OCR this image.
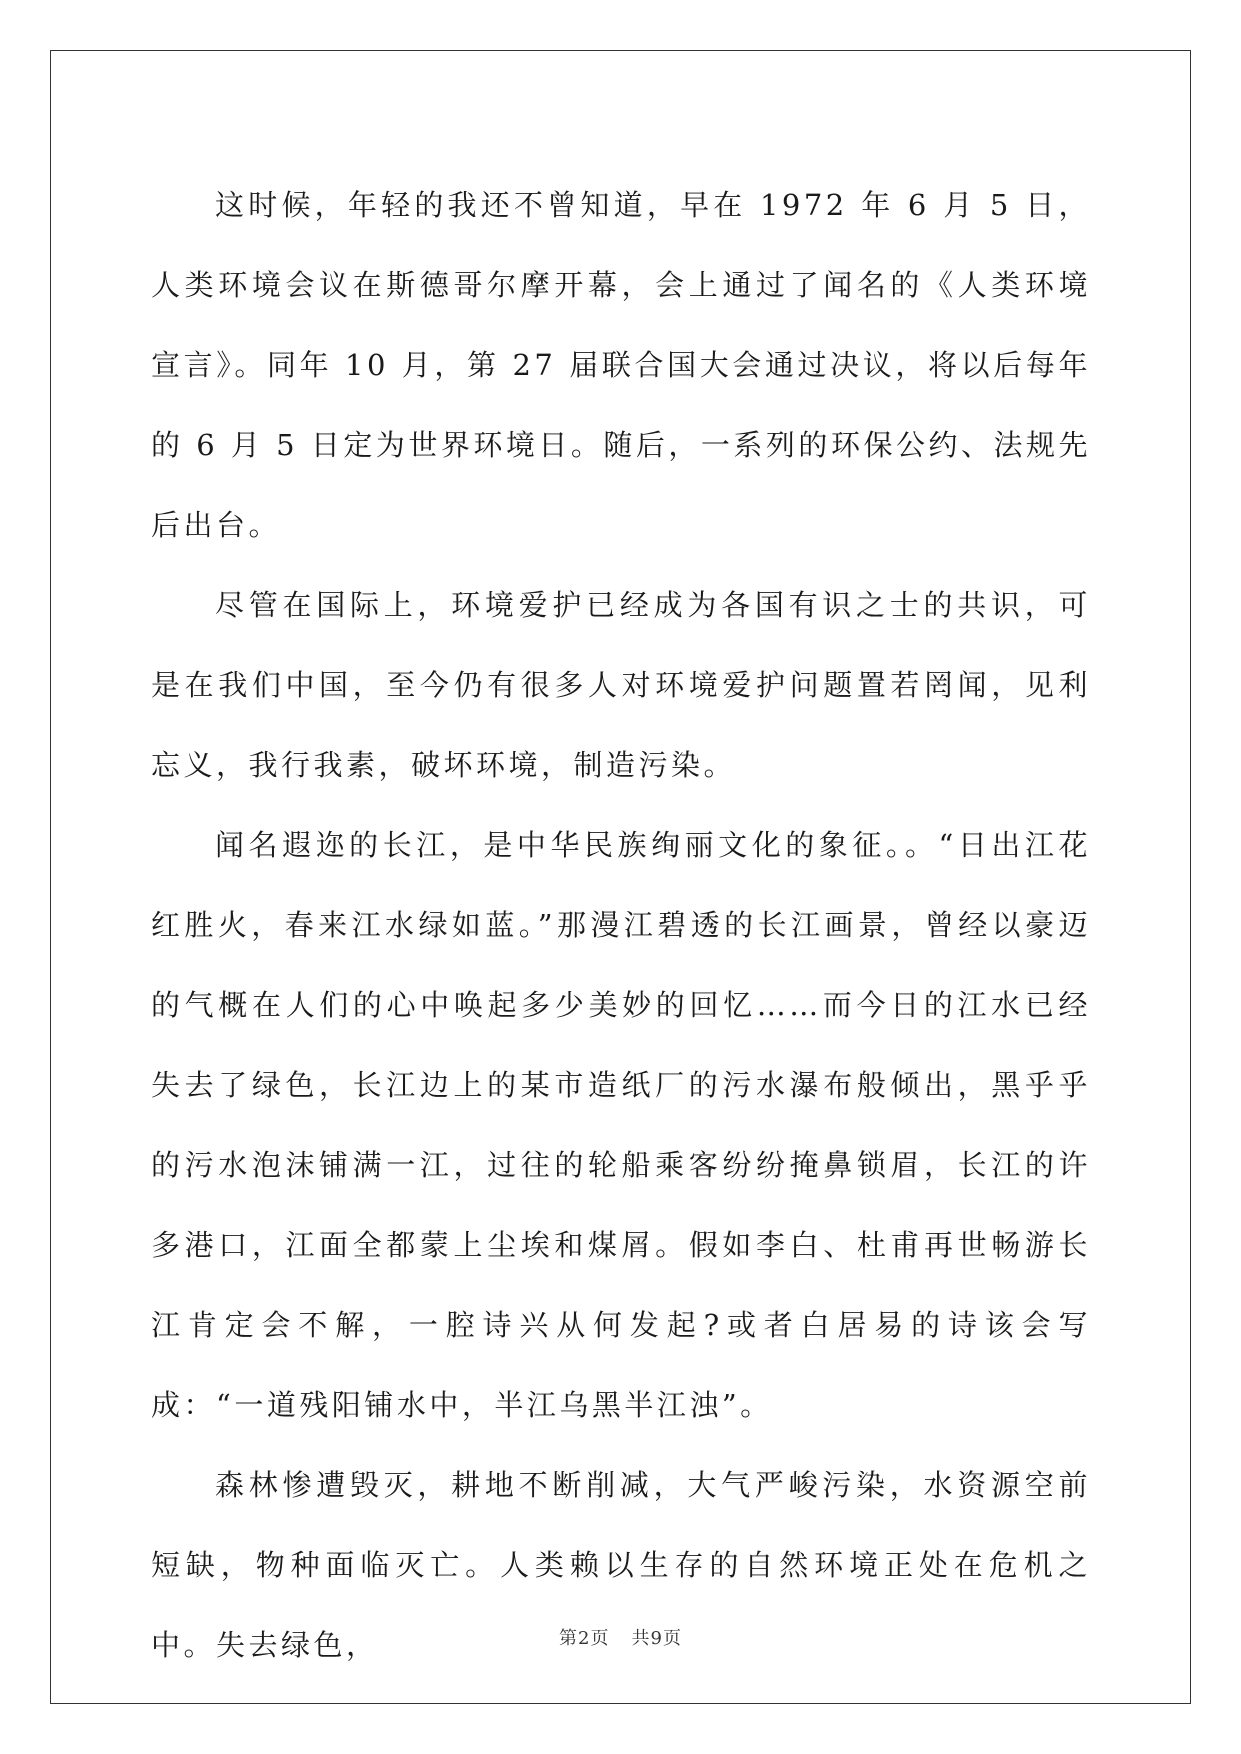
这时候，年轻的我还不曾知道，早在 1972 年 6 月 5 日，人类环境会议在斯德哥尔摩开幕，会上通过了闻名的《人类环境宣言》。同年 10 月，第 27 届联合国大会通过决议，将以后每年的 6 月 5 日定为世界环境日。随后，一系列的环保公约、法规先后出台。

尽管在国际上，环境爱护已经成为各国有识之士的共识，可是在我们中国，至今仍有很多人对环境爱护问题置若罔闻，见利忘义，我行我素，破坏环境，制造污染。

闻名遐迩的长江，是中华民族绚丽文化的象征。。“日出江花红胜火，春来江水绿如蓝。”那漫江碧透的长江画景，曾经以豪迈的气概在人们的心中唤起多少美妙的回忆……而今日的江水已经失去了绿色，长江边上的某市造纸厂的污水瀑布般倾出，黑乎乎的污水泡沫铺满一江，过往的轮船乘客纷纷掩鼻锁眉，长江的许多港口，江面全都蒙上尘埃和煤屑。假如李白、杜甫再世畅游长江肯定会不解，一腔诗兴从何发起?或者白居易的诗该会写成：“一道残阳铺水中，半江乌黑半江浊”。

森林惨遭毁灭，耕地不断削减，大气严峻污染，水资源空前短缺，物种面临灭亡。人类赖以生存的自然环境正处在危机之中。失去绿色，	第2页 共9页
